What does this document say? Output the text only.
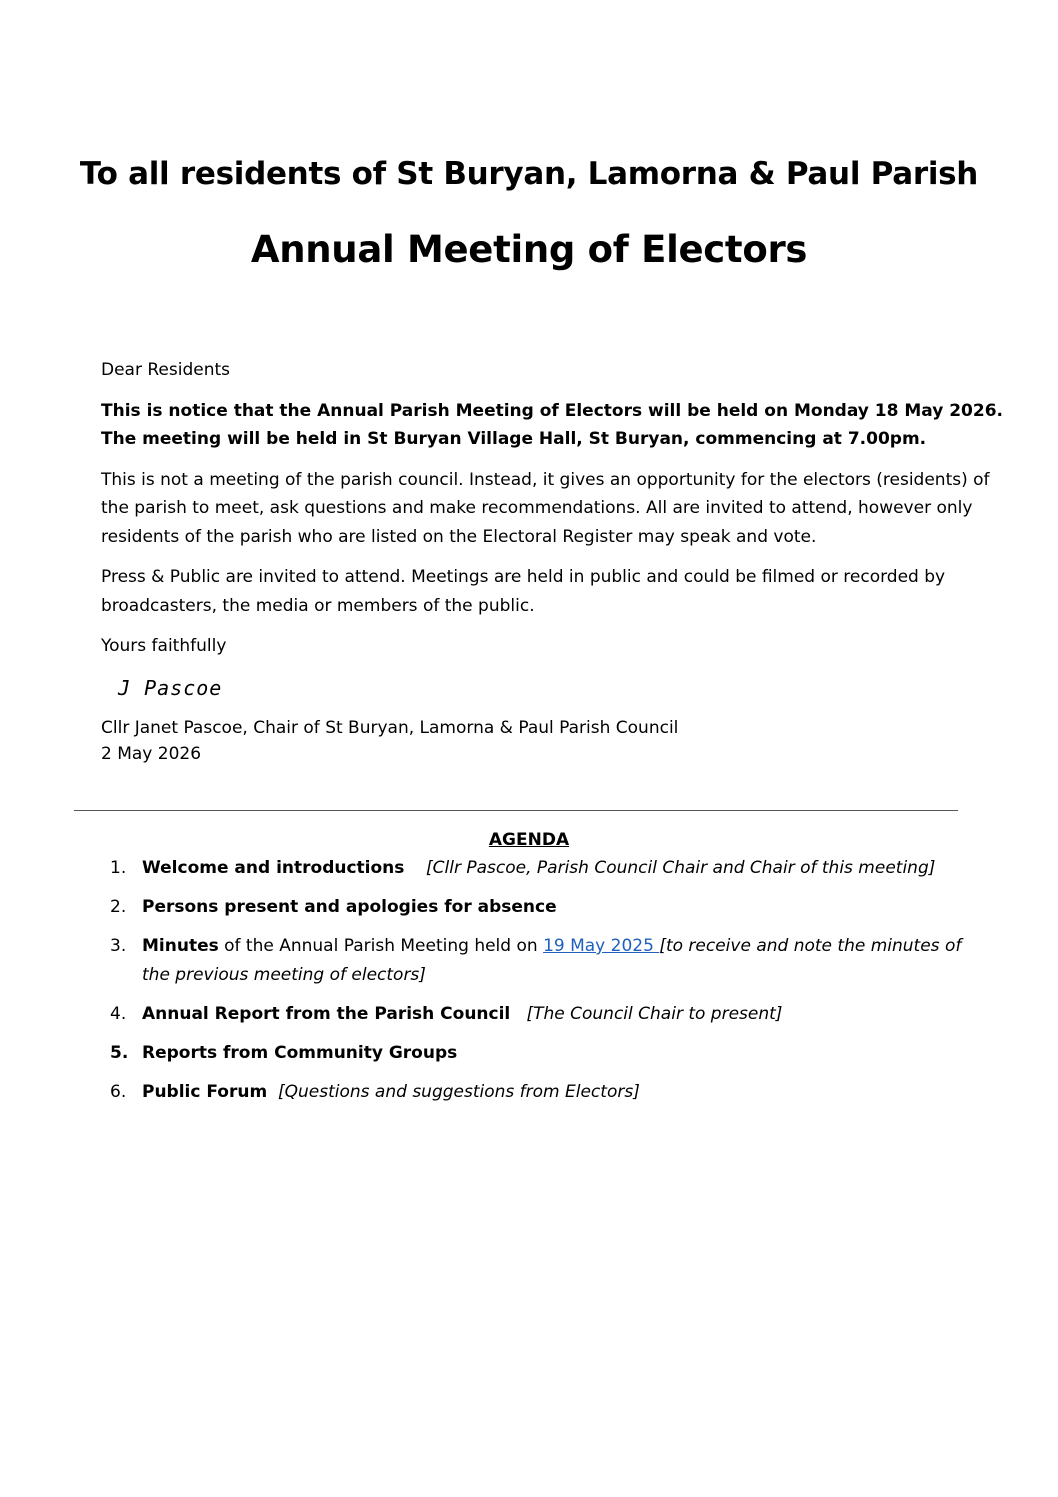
To all residents of St Buryan, Lamorna & Paul Parish
Annual Meeting of Electors

Dear Residents

This is notice that the Annual Parish Meeting of Electors will be held on Monday 18 May 2026. The meeting will be held in St Buryan Village Hall, St Buryan, commencing at 7.00pm.

This is not a meeting of the parish council. Instead, it gives an opportunity for the electors (residents) of the parish to meet, ask questions and make recommendations. All are invited to attend, however only residents of the parish who are listed on the Electoral Register may speak and vote.

Press & Public are invited to attend. Meetings are held in public and could be filmed or recorded by broadcasters, the media or members of the public.

Yours faithfully

J Pascoe

Cllr Janet Pascoe, Chair of St Buryan, Lamorna & Paul Parish Council

2 May 2026

AGENDA
1. Welcome and introductions [Cllr Pascoe, Parish Council Chair and Chair of this meeting]
2. Persons present and apologies for absence
3. Minutes of the Annual Parish Meeting held on 19 May 2025 [to receive and note the minutes of the previous meeting of electors]
4. Annual Report from the Parish Council [The Council Chair to present]
5. Reports from Community Groups
6. Public Forum [Questions and suggestions from Electors]
